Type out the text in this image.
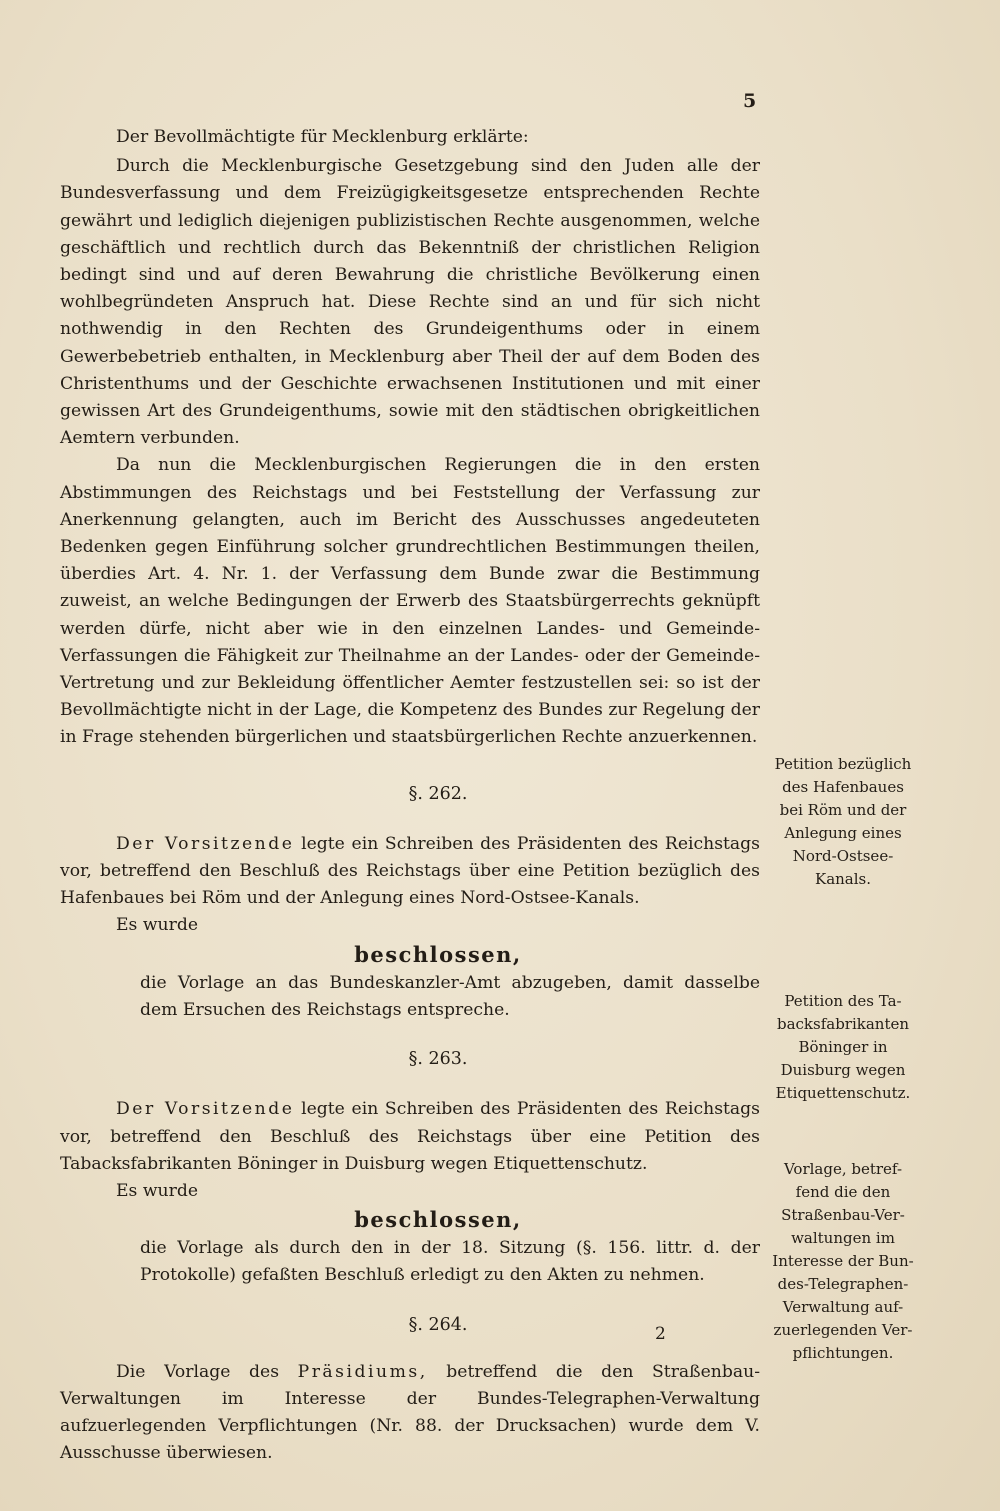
5

Der Bevollmächtigte für Mecklenburg erklärte:

Durch die Mecklenburgische Gesetzgebung sind den Juden alle der Bundesverfassung und dem Freizügigkeitsgesetze entsprechenden Rechte gewährt und lediglich diejenigen publizistischen Rechte ausgenommen, welche geschäftlich und rechtlich durch das Bekenntniß der christlichen Religion bedingt sind und auf deren Bewahrung die christliche Bevölkerung einen wohlbegründeten Anspruch hat. Diese Rechte sind an und für sich nicht nothwendig in den Rechten des Grundeigenthums oder in einem Gewerbebetrieb enthalten, in Mecklenburg aber Theil der auf dem Boden des Christenthums und der Geschichte erwachsenen Institutionen und mit einer gewissen Art des Grundeigenthums, sowie mit den städtischen obrigkeitlichen Aemtern verbunden.

Da nun die Mecklenburgischen Regierungen die in den ersten Abstimmungen des Reichstags und bei Feststellung der Verfassung zur Anerkennung gelangten, auch im Bericht des Ausschusses angedeuteten Bedenken gegen Einführung solcher grundrechtlichen Bestimmungen theilen, überdies Art. 4. Nr. 1. der Verfassung dem Bunde zwar die Bestimmung zuweist, an welche Bedingungen der Erwerb des Staatsbürgerrechts geknüpft werden dürfe, nicht aber wie in den einzelnen Landes- und Gemeinde-Verfassungen die Fähigkeit zur Theilnahme an der Landes- oder der Gemeinde-Vertretung und zur Bekleidung öffentlicher Aemter festzustellen sei: so ist der Bevollmächtigte nicht in der Lage, die Kompetenz des Bundes zur Regelung der in Frage stehenden bürgerlichen und staatsbürgerlichen Rechte anzuerkennen.

§. 262.

Der Vorsitzende legte ein Schreiben des Präsidenten des Reichstags vor, betreffend den Beschluß des Reichstags über eine Petition bezüglich des Hafenbaues bei Röm und der Anlegung eines Nord-Ostsee-Kanals.

Es wurde

beschlossen,

die Vorlage an das Bundeskanzler-Amt abzugeben, damit dasselbe dem Ersuchen des Reichstags entspreche.

§. 263.

Der Vorsitzende legte ein Schreiben des Präsidenten des Reichstags vor, betreffend den Beschluß des Reichstags über eine Petition des Tabacksfabrikanten Böninger in Duisburg wegen Etiquettenschutz.

Es wurde

beschlossen,

die Vorlage als durch den in der 18. Sitzung (§. 156. littr. d. der Protokolle) gefaßten Beschluß erledigt zu den Akten zu nehmen.

§. 264.

Die Vorlage des Präsidiums, betreffend die den Straßenbau-Verwaltungen im Interesse der Bundes-Telegraphen-Verwaltung aufzuerlegenden Verpflichtungen (Nr. 88. der Drucksachen) wurde dem V. Ausschusse überwiesen.

2
Petition bezüglich
des Hafenbaues
bei Röm und der
Anlegung eines
Nord-Ostsee-
Kanals.
Petition des Ta-
backsfabrikanten
Böninger in
Duisburg wegen
Etiquettenschutz.
Vorlage, betref-
fend die den
Straßenbau-Ver-
waltungen im
Interesse der Bun-
des-Telegraphen-
Verwaltung auf-
zuerlegenden Ver-
pflichtungen.
